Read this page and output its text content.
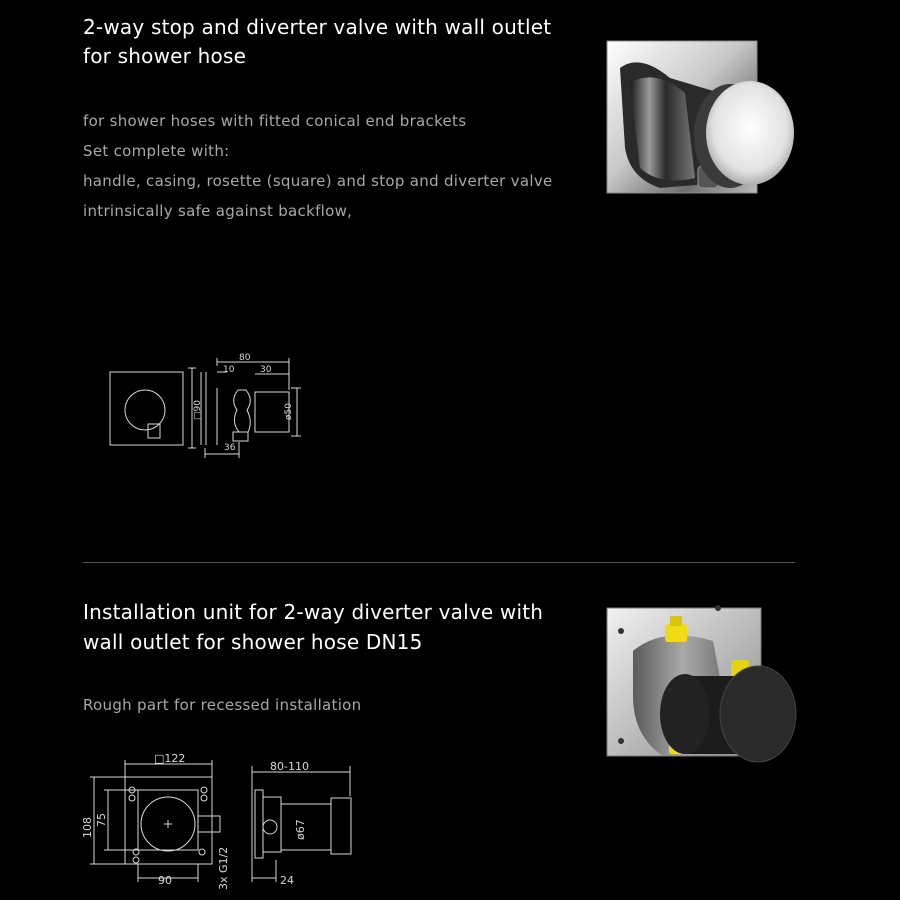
2-way stop and diverter valve with wall outlet
for shower hose
for shower hoses with fitted conical end brackets
Set complete with:
handle, casing, rosette (square) and stop and diverter valve
intrinsically safe against backflow,
80
10	30
36
□90	ø50
Installation unit for 2-way diverter valve with
wall outlet for shower hose DN15
Rough part for recessed installation
□122
108 75
90	3x G1/2
80-110
ø67
24
